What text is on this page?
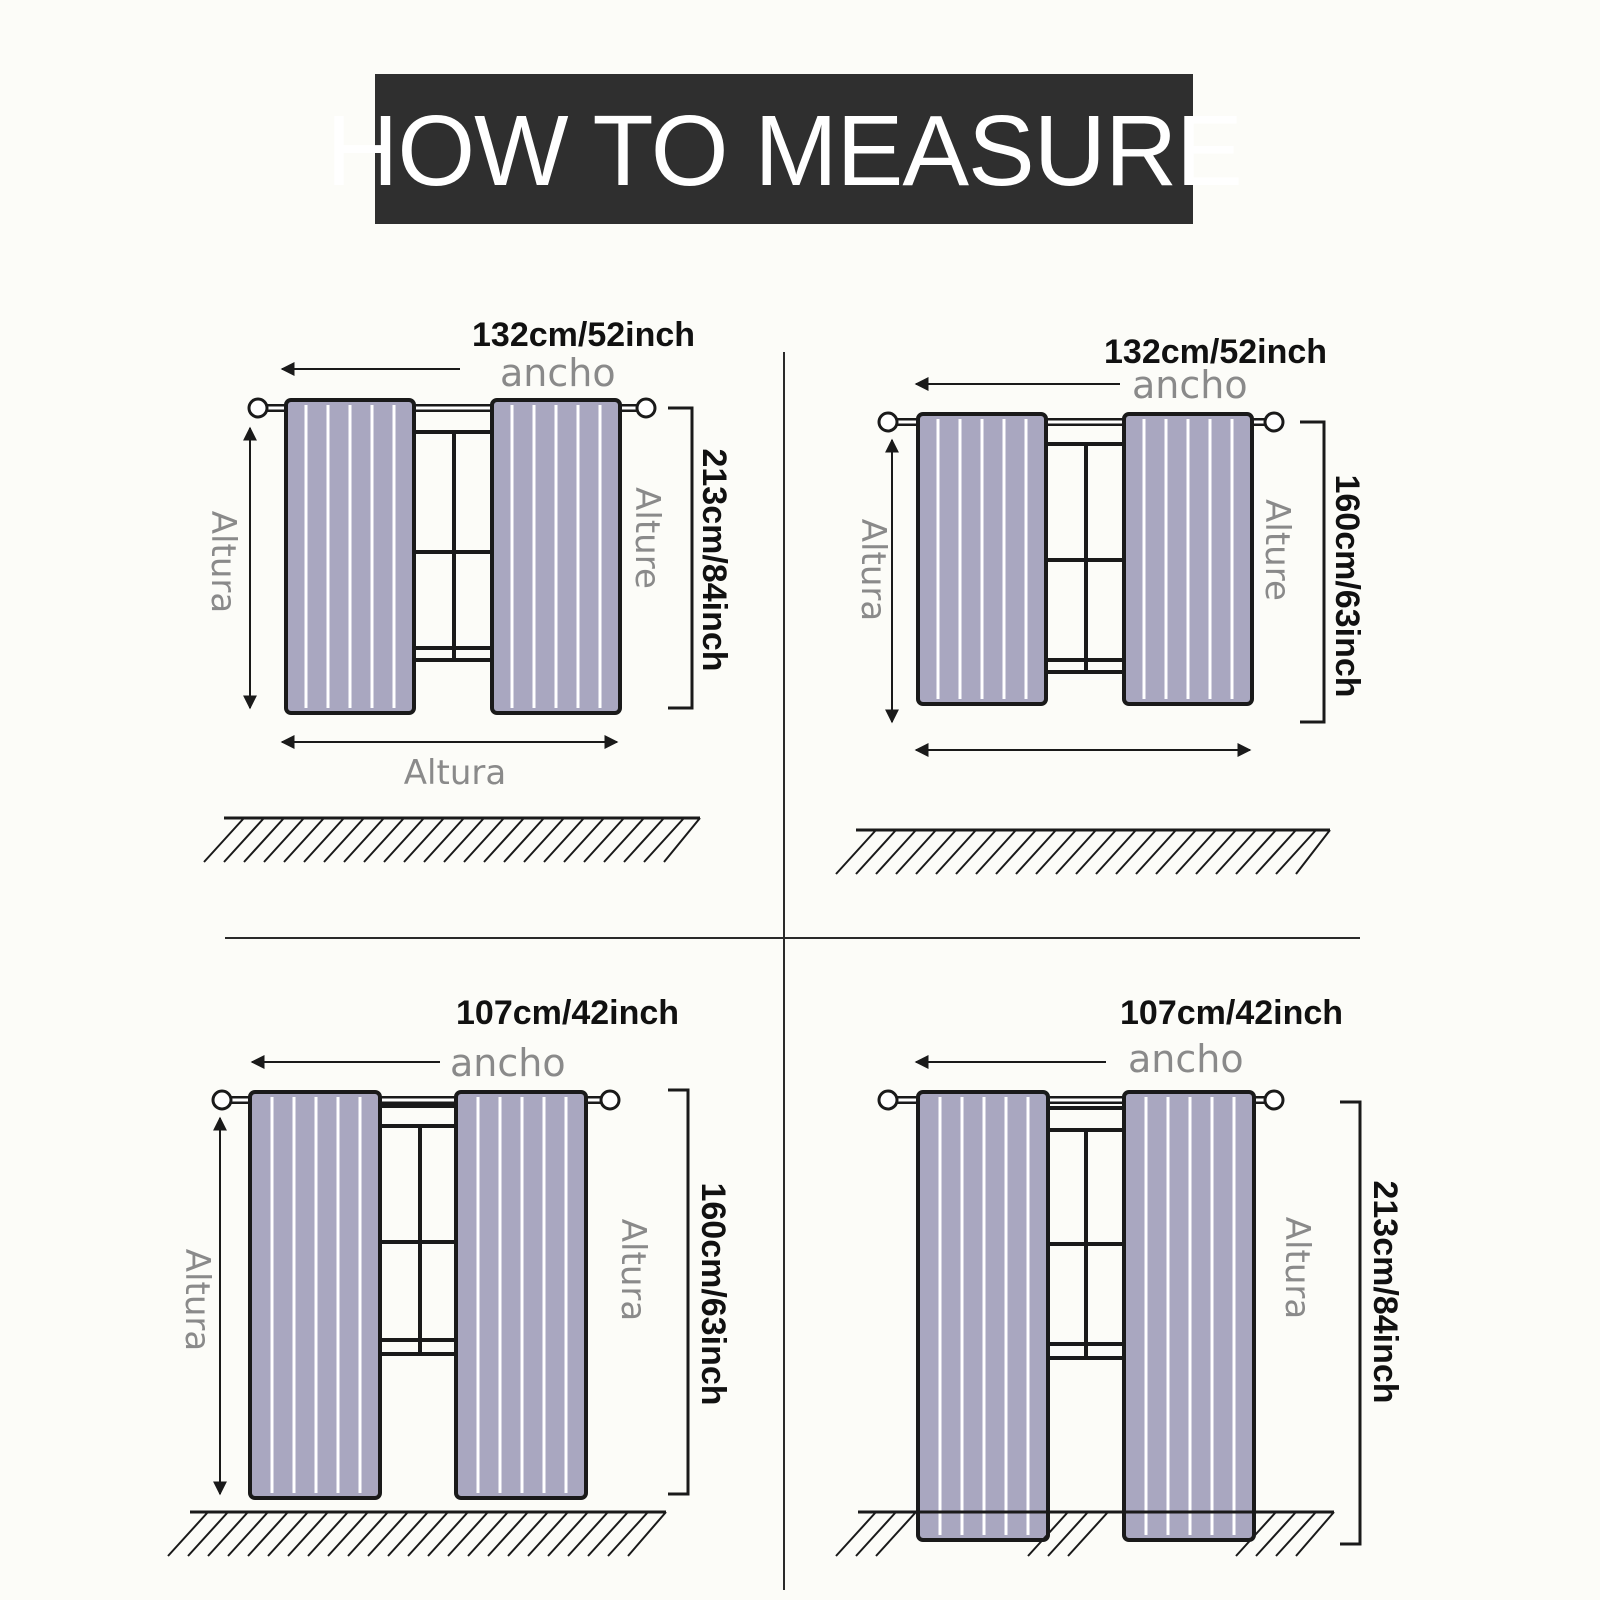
HOW TO MEASURE
132cm/52inch
ancho
Altura	Alture 213cm/84inch
Altura
132cm/52inch
ancho
Altura	Alture 160cm/63inch
107cm/42inch
ancho
Altura	Altura 160cm/63inch
107cm/42inch
ancho
Altura 213cm/84inch
